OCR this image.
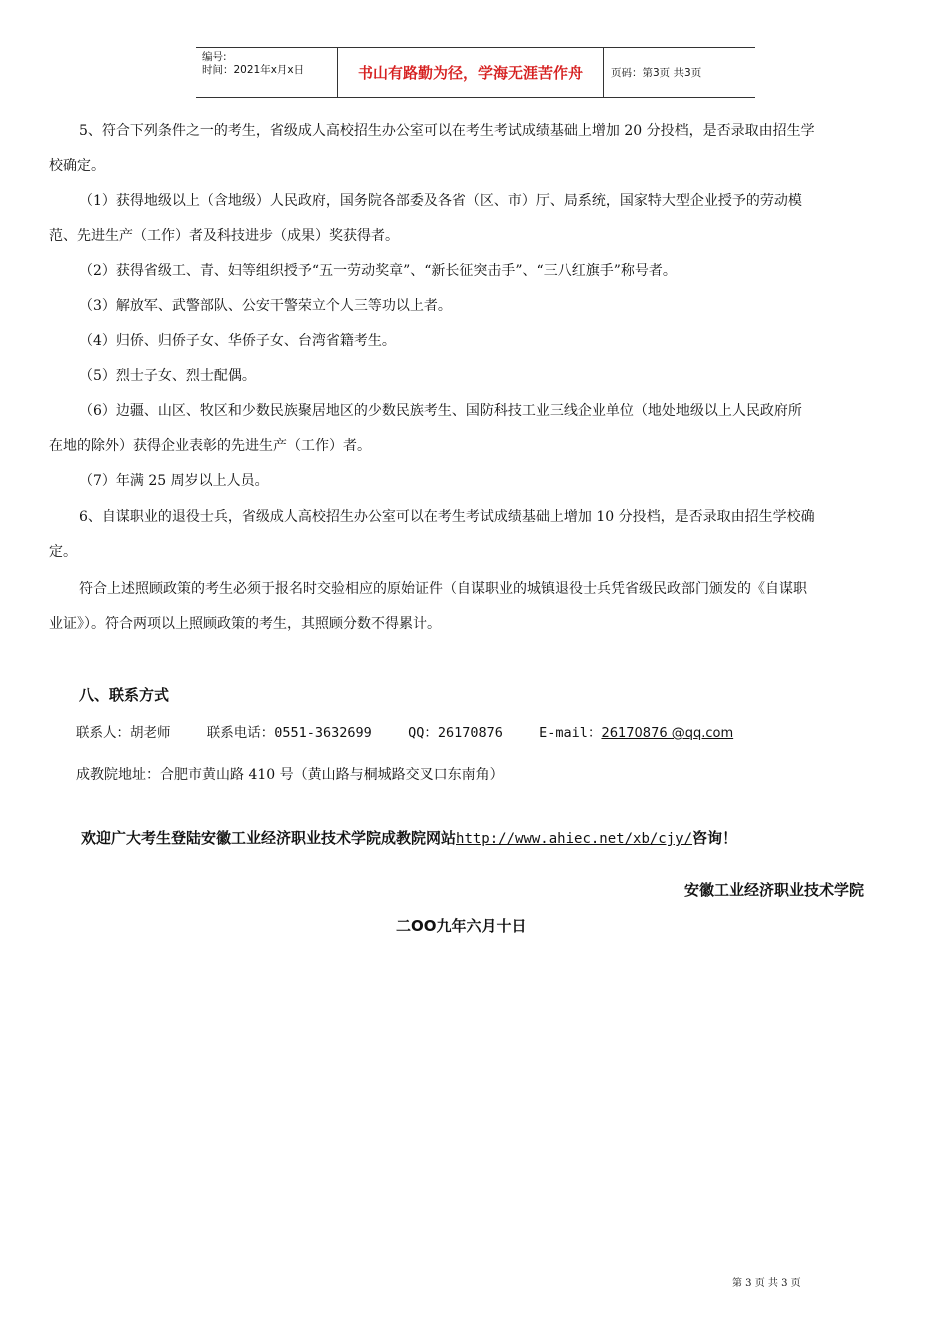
编号:
时间：2021年x月x日	书山有路勤为径，学海无涯苦作舟	页码：第3页 共3页
5、符合下列条件之一的考生，省级成人高校招生办公室可以在考生考试成绩基础上增加 20 分投档，是否录取由招生学
校确定。
（1）获得地级以上（含地级）人民政府，国务院各部委及各省（区、市）厅、局系统，国家特大型企业授予的劳动模
范、先进生产（工作）者及科技进步（成果）奖获得者。
（2）获得省级工、青、妇等组织授予“五一劳动奖章”、“新长征突击手”、“三八红旗手”称号者。
（3）解放军、武警部队、公安干警荣立个人三等功以上者。
（4）归侨、归侨子女、华侨子女、台湾省籍考生。
（5）烈士子女、烈士配偶。
（6）边疆、山区、牧区和少数民族聚居地区的少数民族考生、国防科技工业三线企业单位（地处地级以上人民政府所
在地的除外）获得企业表彰的先进生产（工作）者。
（7）年满 25 周岁以上人员。
6、自谋职业的退役士兵，省级成人高校招生办公室可以在考生考试成绩基础上增加 10 分投档，是否录取由招生学校确
定。
符合上述照顾政策的考生必须于报名时交验相应的原始证件（自谋职业的城镇退役士兵凭省级民政部门颁发的《自谋职
业证》）。符合两项以上照顾政策的考生，其照顾分数不得累计。
八、联系方式
联系人：胡老师	联系电话：0551-3632699	QQ：26170876	E-mail：26170876 @qq.com
成教院地址：合肥市黄山路 410 号（黄山路与桐城路交叉口东南角）
欢迎广大考生登陆安徽工业经济职业技术学院成教院网站http://www.ahiec.net/xb/cjy/咨询！
安徽工业经济职业技术学院
二OO九年六月十日
第 3 页 共 3 页
